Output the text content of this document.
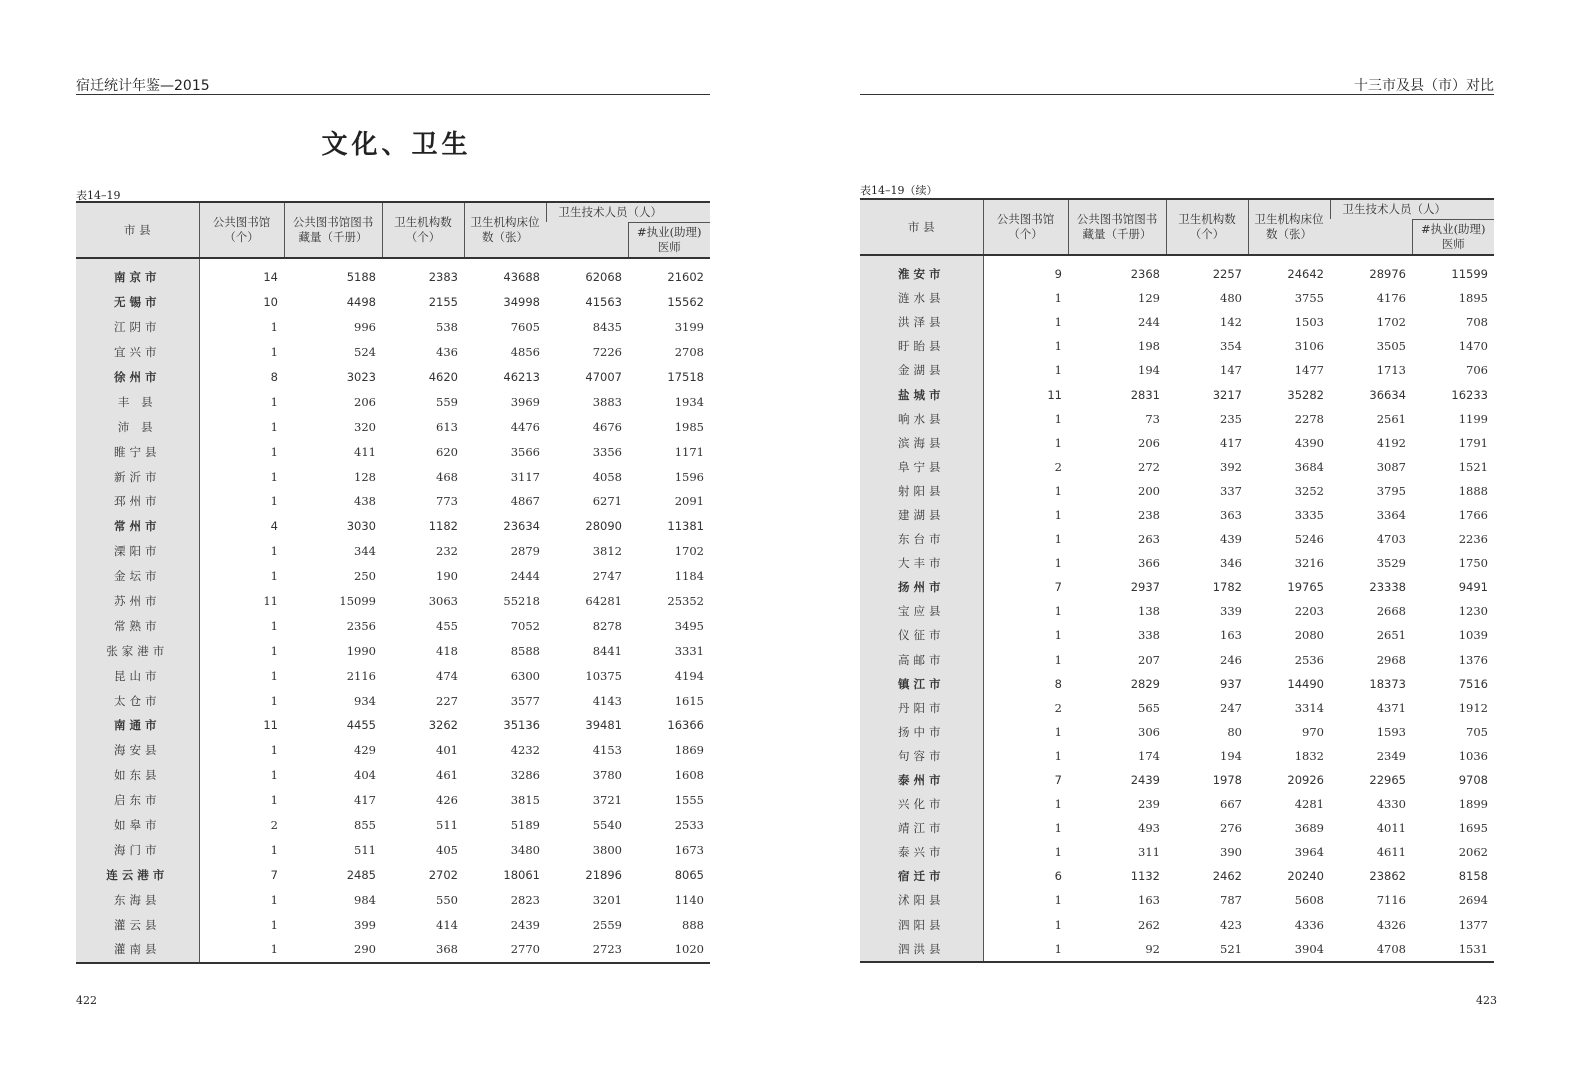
宿迁统计年鉴—2015
文化、卫生
表14–19
市 县	公共图书馆（个）	公共图书馆图书藏量（千册）	卫生机构数（个）	卫生机构床位数（张）	卫生技术人员（人）	
						#执业(助理)医师
南京市	14	5188	2383	43688	62068	21602
无锡市	10	4498	2155	34998	41563	15562
江阴市	1	996	538	7605	8435	3199
宜兴市	1	524	436	4856	7226	2708
徐州市	8	3023	4620	46213	47007	17518
丰 县	1	206	559	3969	3883	1934
沛 县	1	320	613	4476	4676	1985
睢宁县	1	411	620	3566	3356	1171
新沂市	1	128	468	3117	4058	1596
邳州市	1	438	773	4867	6271	2091
常州市	4	3030	1182	23634	28090	11381
溧阳市	1	344	232	2879	3812	1702
金坛市	1	250	190	2444	2747	1184
苏州市	11	15099	3063	55218	64281	25352
常熟市	1	2356	455	7052	8278	3495
张家港市	1	1990	418	8588	8441	3331
昆山市	1	2116	474	6300	10375	4194
太仓市	1	934	227	3577	4143	1615
南通市	11	4455	3262	35136	39481	16366
海安县	1	429	401	4232	4153	1869
如东县	1	404	461	3286	3780	1608
启东市	1	417	426	3815	3721	1555
如皋市	2	855	511	5189	5540	2533
海门市	1	511	405	3480	3800	1673
连云港市	7	2485	2702	18061	21896	8065
东海县	1	984	550	2823	3201	1140
灌云县	1	399	414	2439	2559	888
灌南县	1	290	368	2770	2723	1020
422
十三市及县（市）对比
表14–19（续）
市 县	公共图书馆（个）	公共图书馆图书藏量（千册）	卫生机构数（个）	卫生机构床位数（张）	卫生技术人员（人）	
						#执业(助理)医师
淮安市	9	2368	2257	24642	28976	11599
涟水县	1	129	480	3755	4176	1895
洪泽县	1	244	142	1503	1702	708
盱眙县	1	198	354	3106	3505	1470
金湖县	1	194	147	1477	1713	706
盐城市	11	2831	3217	35282	36634	16233
响水县	1	73	235	2278	2561	1199
滨海县	1	206	417	4390	4192	1791
阜宁县	2	272	392	3684	3087	1521
射阳县	1	200	337	3252	3795	1888
建湖县	1	238	363	3335	3364	1766
东台市	1	263	439	5246	4703	2236
大丰市	1	366	346	3216	3529	1750
扬州市	7	2937	1782	19765	23338	9491
宝应县	1	138	339	2203	2668	1230
仪征市	1	338	163	2080	2651	1039
高邮市	1	207	246	2536	2968	1376
镇江市	8	2829	937	14490	18373	7516
丹阳市	2	565	247	3314	4371	1912
扬中市	1	306	80	970	1593	705
句容市	1	174	194	1832	2349	1036
泰州市	7	2439	1978	20926	22965	9708
兴化市	1	239	667	4281	4330	1899
靖江市	1	493	276	3689	4011	1695
泰兴市	1	311	390	3964	4611	2062
宿迁市	6	1132	2462	20240	23862	8158
沭阳县	1	163	787	5608	7116	2694
泗阳县	1	262	423	4336	4326	1377
泗洪县	1	92	521	3904	4708	1531
423
